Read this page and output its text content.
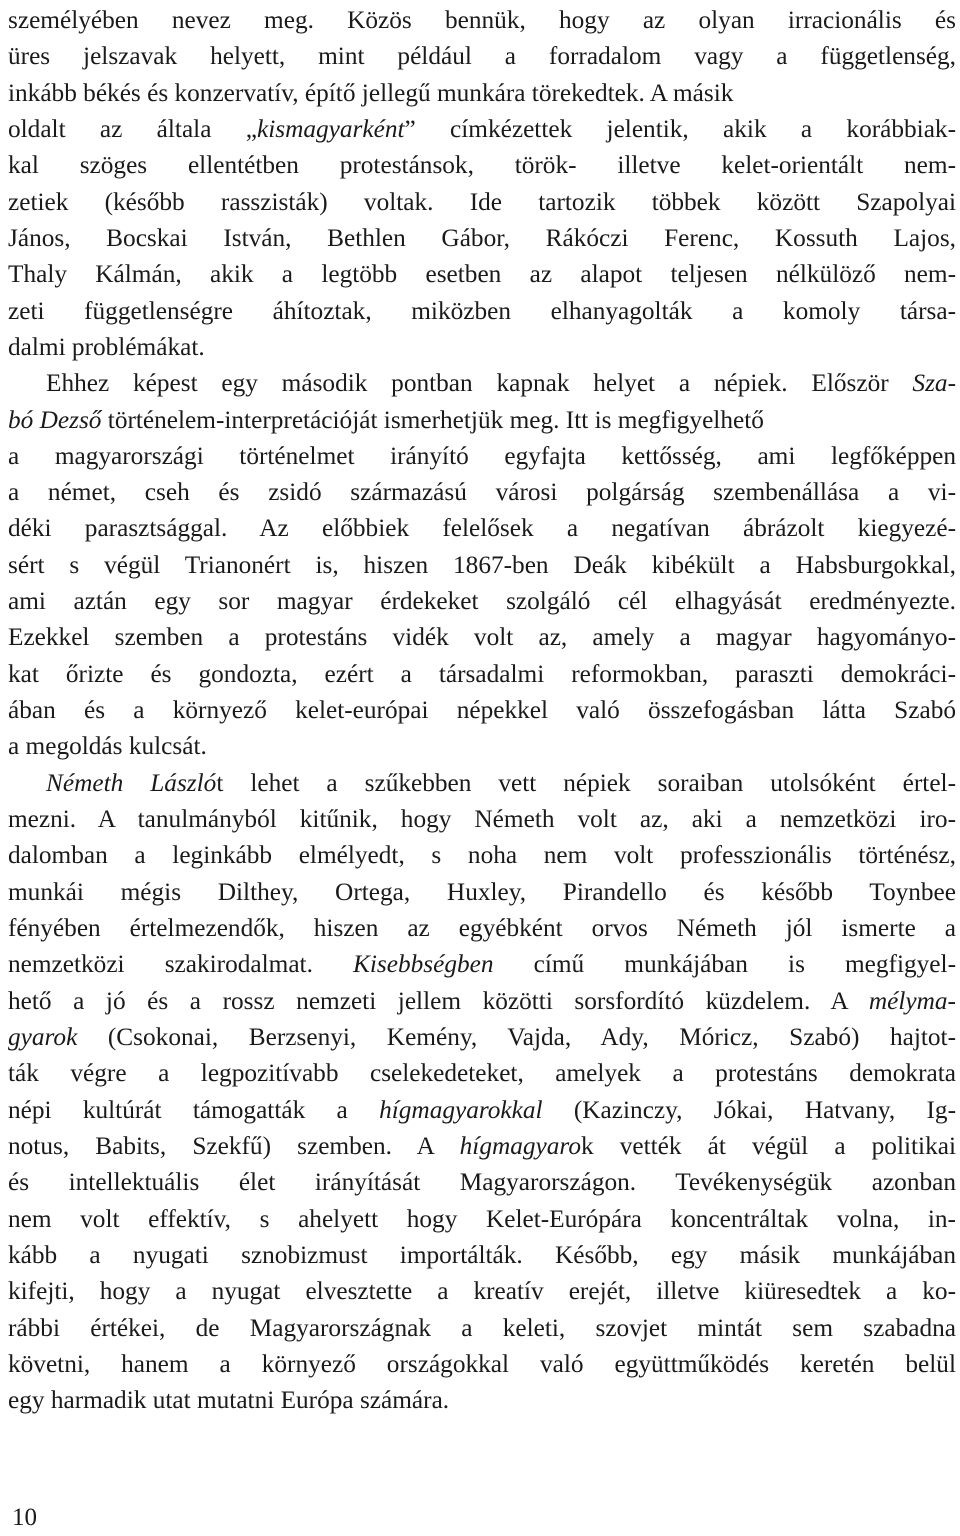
személyében nevez meg. Közös bennük, hogy az olyan irracionális és
üres jelszavak helyett, mint például a forradalom vagy a függetlenség,
inkább békés és konzervatív, építő jellegű munkára törekedtek. A másik
oldalt az általa „kismagyarként” címkézettek jelentik, akik a korábbiak-
kal szöges ellentétben protestánsok, török- illetve kelet-orientált nem-
zetiek (később rasszisták) voltak. Ide tartozik többek között Szapolyai
János, Bocskai István, Bethlen Gábor, Rákóczi Ferenc, Kossuth Lajos,
Thaly Kálmán, akik a legtöbb esetben az alapot teljesen nélkülöző nem-
zeti függetlenségre áhítoztak, miközben elhanyagolták a komoly társa-
dalmi problémákat.
Ehhez képest egy második pontban kapnak helyet a népiek. Először Sza-
bó Dezső történelem-interpretációját ismerhetjük meg. Itt is megfigyelhető
a magyarországi történelmet irányító egyfajta kettősség, ami legfőképpen
a német, cseh és zsidó származású városi polgárság szembenállása a vi-
déki parasztsággal. Az előbbiek felelősek a negatívan ábrázolt kiegyezé-
sért s végül Trianonért is, hiszen 1867-ben Deák kibékült a Habsburgokkal,
ami aztán egy sor magyar érdekeket szolgáló cél elhagyását eredményezte.
Ezekkel szemben a protestáns vidék volt az, amely a magyar hagyományo-
kat őrizte és gondozta, ezért a társadalmi reformokban, paraszti demokráci-
ában és a környező kelet-európai népekkel való összefogásban látta Szabó
a megoldás kulcsát.
Németh Lászlót lehet a szűkebben vett népiek soraiban utolsóként értel-
mezni. A tanulmányból kitűnik, hogy Németh volt az, aki a nemzetközi iro-
dalomban a leginkább elmélyedt, s noha nem volt professzionális történész,
munkái mégis Dilthey, Ortega, Huxley, Pirandello és később Toynbee
fényében értelmezendők, hiszen az egyébként orvos Németh jól ismerte a
nemzetközi szakirodalmat. Kisebbségben című munkájában is megfigyel-
hető a jó és a rossz nemzeti jellem közötti sorsfordító küzdelem. A mélyma-
gyarok (Csokonai, Berzsenyi, Kemény, Vajda, Ady, Móricz, Szabó) hajtot-
ták végre a legpozitívabb cselekedeteket, amelyek a protestáns demokrata
népi kultúrát támogatták a hígmagyarokkal (Kazinczy, Jókai, Hatvany, Ig-
notus, Babits, Szekfű) szemben. A hígmagyarok vették át végül a politikai
és intellektuális élet irányítását Magyarországon. Tevékenységük azonban
nem volt effektív, s ahelyett hogy Kelet-Európára koncentráltak volna, in-
kább a nyugati sznobizmust importálták. Később, egy másik munkájában
kifejti, hogy a nyugat elvesztette a kreatív erejét, illetve kiüresedtek a ko-
rábbi értékei, de Magyarországnak a keleti, szovjet mintát sem szabadna
követni, hanem a környező országokkal való együttműködés keretén belül
egy harmadik utat mutatni Európa számára.
10
